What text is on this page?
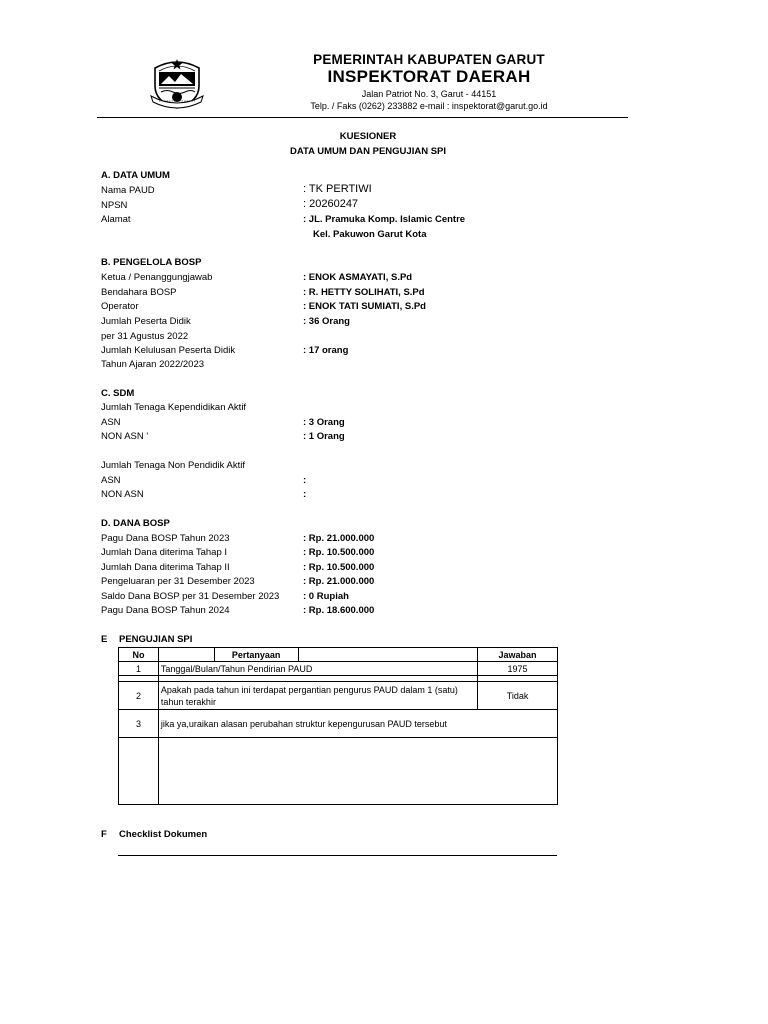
PEMERINTAH KABUPATEN GARUT
INSPEKTORAT DAERAH
Jalan Patriot No. 3, Garut - 44151
Telp. / Faks (0262) 233882 e-mail : inspektorat@garut.go.id
KUESIONER
DATA UMUM DAN PENGUJIAN SPI
A. DATA UMUM
Nama PAUD	: TK PERTIWI
NPSN	: 20260247
Alamat	: JL. Pramuka Komp. Islamic Centre
Kel. Pakuwon Garut Kota
B. PENGELOLA BOSP
Ketua / Penanggungjawab	: ENOK ASMAYATI, S.Pd
Bendahara BOSP	: R. HETTY SOLIHATI, S.Pd
Operator	: ENOK TATI SUMIATI, S.Pd
Jumlah Peserta Didik	: 36 Orang
per 31 Agustus 2022
Jumlah Kelulusan Peserta Didik	: 17 orang
Tahun Ajaran 2022/2023
C. SDM
Jumlah Tenaga Kependidikan Aktif
ASN	: 3 Orang
NON ASN '	: 1 Orang
Jumlah Tenaga Non Pendidik Aktif
ASN	:
NON ASN	:
D. DANA BOSP
Pagu Dana BOSP Tahun 2023	: Rp. 21.000.000
Jumlah Dana diterima Tahap I	: Rp. 10.500.000
Jumlah Dana diterima Tahap II	: Rp. 10.500.000
Pengeluaran per 31 Desember 2023	: Rp. 21.000.000
Saldo Dana BOSP per 31 Desember 2023 : 0 Rupiah
Pagu Dana BOSP Tahun 2024	: Rp. 18.600.000
E PENGUJIAN SPI
No		Pertanyaan		Jawaban
1	Tanggal/Bulan/Tahun Pendirian PAUD			1975

2	Apakah pada tahun ini terdapat pergantian pengurus PAUD dalam 1 (satu) tahun terakhir			Tidak
3	jika ya,uraikan alasan perubahan struktur kepengurusan PAUD tersebut			

F Checklist Dokumen
